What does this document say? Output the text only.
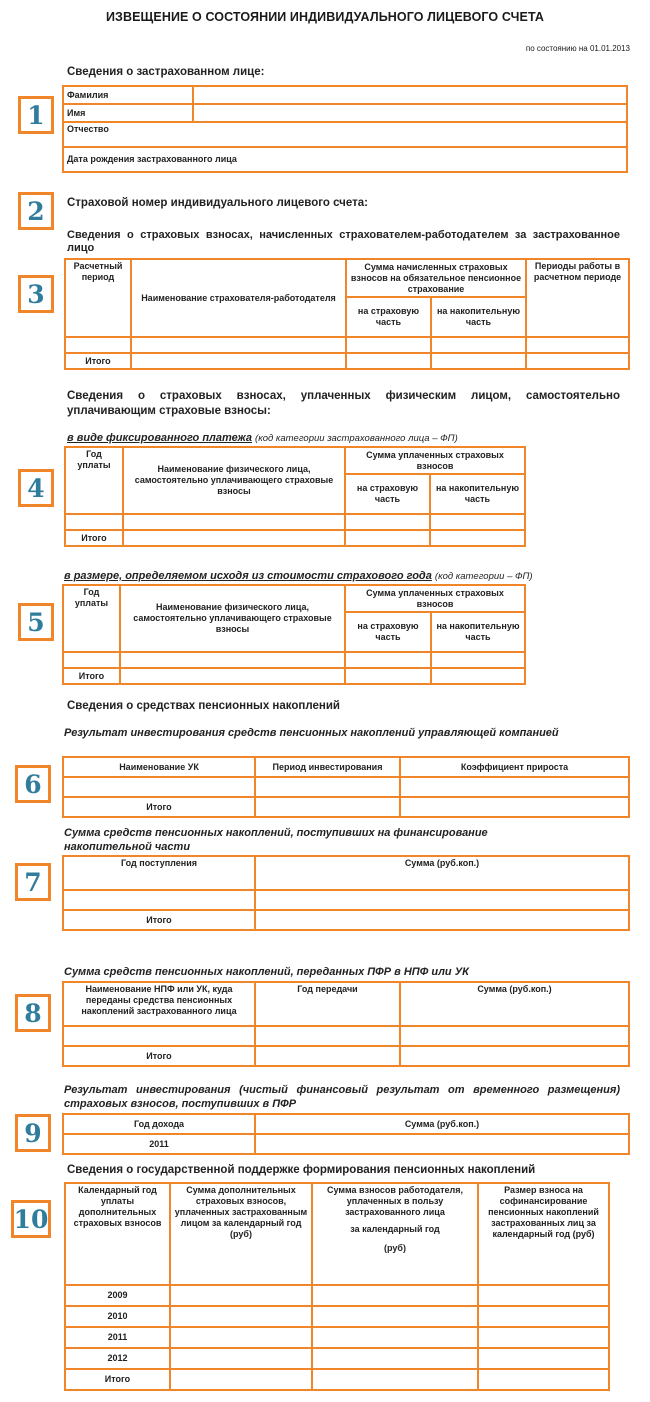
ИЗВЕЩЕНИЕ О СОСТОЯНИИ ИНДИВИДУАЛЬНОГО ЛИЦЕВОГО СЧЕТА
по состоянию на 01.01.2013
Сведения о застрахованном лице:
1
Фамилия	
Имя	
Отчество	
Дата рождения застрахованного лица	
2	Страховой номер индивидуального лицевого счета:
Сведения о страховых взносах, начисленных страхователем-работодателем за застрахованное лицо
3
Расчетный период	Наименование страхователя-работодателя	Сумма начисленных страховых взносов на обязательное пенсионное страхование		Периоды работы в расчетном периоде
		на страховую часть	на накопительную часть	

Итого				
Сведения о страховых взносах, уплаченных физическим лицом, самостоятельно уплачивающим страховые взносы:
в виде фиксированного платежа (код категории застрахованного лица – ФП)
4
Год уплаты	Наименование физического лица, самостоятельно уплачивающего страховые взносы	Сумма уплаченных страховых взносов	
		на страховую часть	на накопительную часть

Итого			
в размере, определяемом исходя из стоимости страхового года (код категории – ФП)
5
Год уплаты	Наименование физического лица, самостоятельно уплачивающего страховые взносы	Сумма уплаченных страховых взносов	
		на страховую часть	на накопительную часть

Итого			
Сведения о средствах пенсионных накоплений
Результат инвестирования средств пенсионных накоплений управляющей компанией
6
Наименование УК	Период инвестирования	Коэффициент прироста

Итого		
Сумма средств пенсионных накоплений, поступивших на финансирование накопительной части
7
Год поступления	Сумма (руб.коп.)

Итого	
Сумма средств пенсионных накоплений, переданных ПФР в НПФ или УК
8
Наименование НПФ или УК, куда переданы средства пенсионных накоплений застрахованного лица	Год передачи	Сумма (руб.коп.)

Итого		
Результат инвестирования (чистый финансовый результат от временного размещения) страховых взносов, поступивших в ПФР
9	Год дохода	Сумма (руб.коп.)
2011	
Сведения о государственной поддержке формирования пенсионных накоплений
10
Календарный год уплаты дополнительных страховых взносов	Сумма дополнительных страховых взносов, уплаченных застрахованным лицом за календарный год (руб)	Сумма взносов работодателя, уплаченных в пользу застрахованного лица
за календарный год
(руб)	Размер взноса на софинансирование пенсионных накоплений застрахованных лиц за календарный год (руб)
2009			
2010			
2011			
2012			
Итого			
